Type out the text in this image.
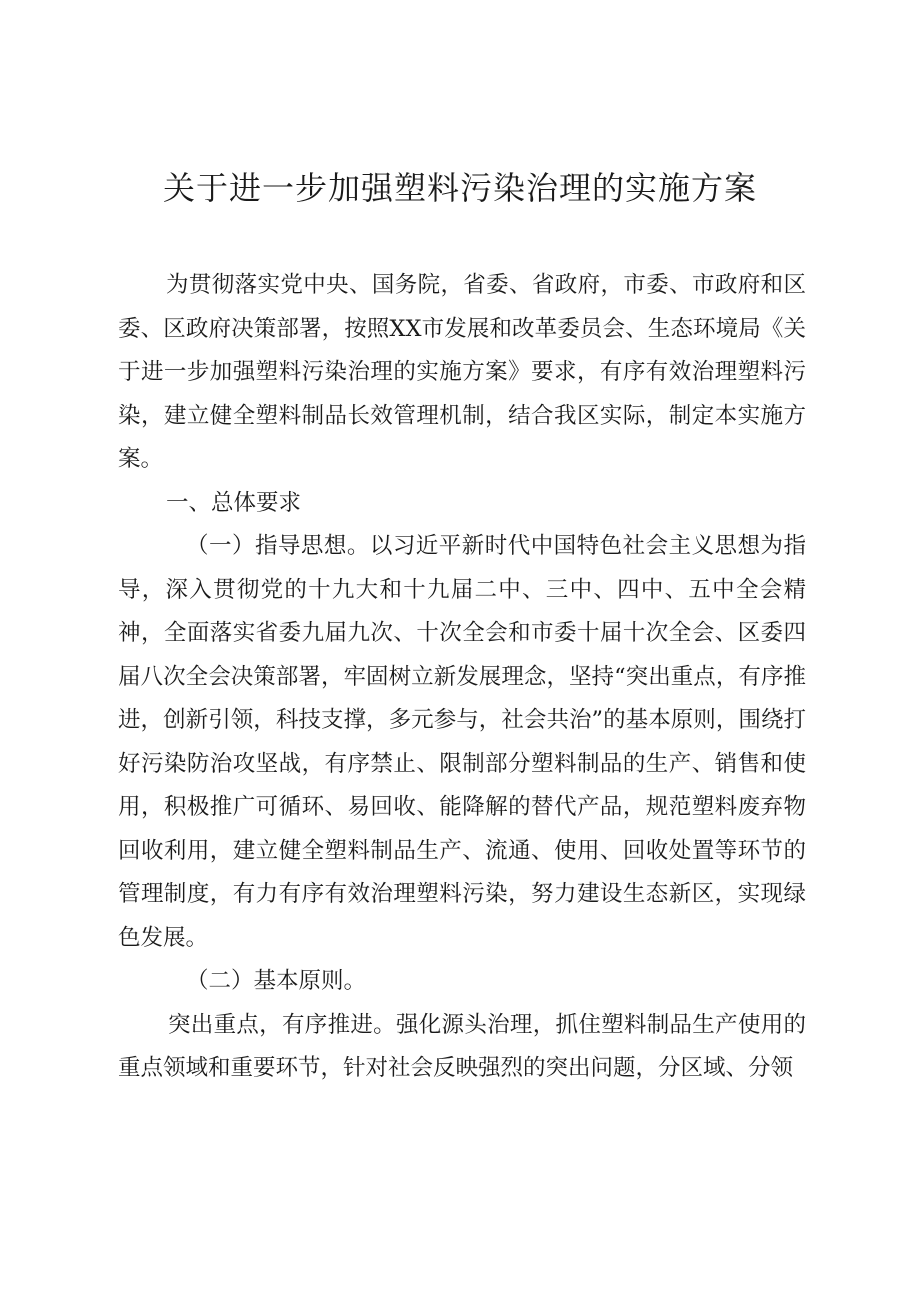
关于进一步加强塑料污染治理的实施方案

为贯彻落实党中央、国务院，省委、省政府，市委、市政府和区委、区政府决策部署，按照XX市发展和改革委员会、生态环境局《关于进一步加强塑料污染治理的实施方案》要求，有序有效治理塑料污染，建立健全塑料制品长效管理机制，结合我区实际，制定本实施方案。

一、总体要求

（一）指导思想。以习近平新时代中国特色社会主义思想为指导，深入贯彻党的十九大和十九届二中、三中、四中、五中全会精神，全面落实省委九届九次、十次全会和市委十届十次全会、区委四届八次全会决策部署，牢固树立新发展理念，坚持“突出重点，有序推进，创新引领，科技支撑，多元参与，社会共治”的基本原则，围绕打好污染防治攻坚战，有序禁止、限制部分塑料制品的生产、销售和使用，积极推广可循环、易回收、能降解的替代产品，规范塑料废弃物回收利用，建立健全塑料制品生产、流通、使用、回收处置等环节的管理制度，有力有序有效治理塑料污染，努力建设生态新区，实现绿色发展。

（二）基本原则。

突出重点，有序推进。强化源头治理，抓住塑料制品生产使用的重点领域和重要环节，针对社会反映强烈的突出问题，分区域、分领
